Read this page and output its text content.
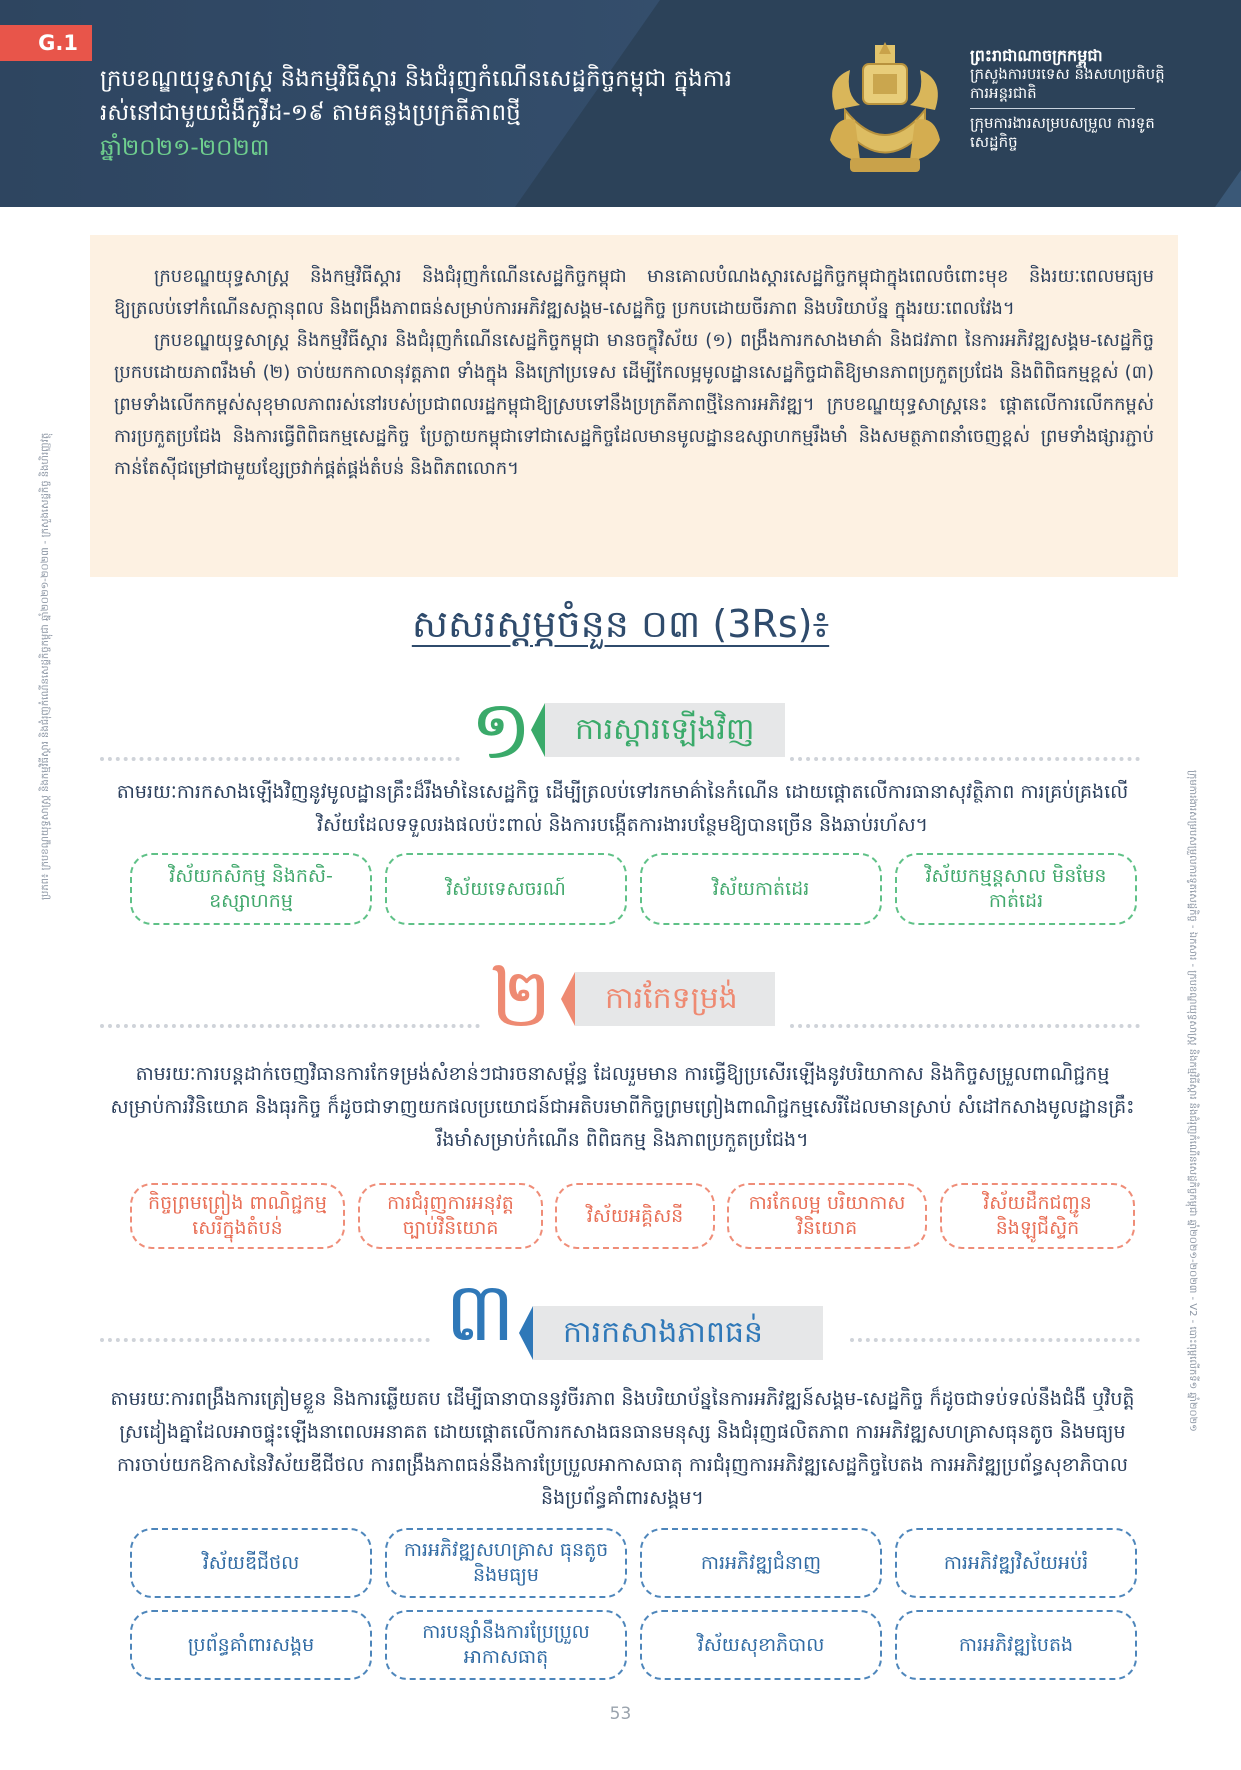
G.1
ក្របខណ្ឌយុទ្ធសាស្ត្រ និងកម្មវិធីស្ដារ និងជំរុញកំណើនសេដ្ឋកិច្ចកម្ពុជា ក្នុងការរស់នៅជាមួយជំងឺកូវីដ-១៩ តាមគន្លងប្រក្រតីភាពថ្មី
ឆ្នាំ២០២១-២០២៣
ព្រះរាជាណាចក្រកម្ពុជា
ក្រសួងការបរទេស និងសហប្រតិបត្តិការអន្តរជាតិ
ក្រុមការងារសម្របសម្រួល ការទូតសេដ្ឋកិច្ច

ក្របខណ្ឌយុទ្ធសាស្ត្រ និងកម្មវិធីស្ដារ និងជំរុញកំណើនសេដ្ឋកិច្ចកម្ពុជា មានគោលបំណងស្ដារសេដ្ឋកិច្ចកម្ពុជាក្នុងពេលចំពោះមុខ និងរយៈពេលមធ្យម ឱ្យត្រលប់ទៅកំណើនសក្ដានុពល និងពង្រឹងភាពធន់សម្រាប់ការអភិវឌ្ឍសង្គម-សេដ្ឋកិច្ច ប្រកបដោយចីរភាព និងបរិយាប័ន្ន ក្នុងរយៈពេលវែង។

ក្របខណ្ឌយុទ្ធសាស្ត្រ និងកម្មវិធីស្ដារ និងជំរុញកំណើនសេដ្ឋកិច្ចកម្ពុជា មានចក្ខុវិស័យ (១) ពង្រឹងការកសាងមាគ៌ា និងជវភាព នៃការអភិវឌ្ឍសង្គម-សេដ្ឋកិច្ច ប្រកបដោយភាពរឹងមាំ (២) ចាប់យកកាលានុវត្តភាព ទាំងក្នុង និងក្រៅប្រទេស ដើម្បីកែលម្អមូលដ្ឋានសេដ្ឋកិច្ចជាតិឱ្យមានភាពប្រកួតប្រជែង និងពិពិធកម្មខ្ពស់ (៣) ព្រមទាំងលើកកម្ពស់សុខុមាលភាពរស់នៅរបស់ប្រជាពលរដ្ឋកម្ពុជាឱ្យស្របទៅនឹងប្រក្រតីភាពថ្មីនៃការអភិវឌ្ឍ។ ក្របខណ្ឌយុទ្ធសាស្ត្រនេះ ផ្ដោតលើការលើកកម្ពស់ការប្រកួតប្រជែង និងការធ្វើពិពិធកម្មសេដ្ឋកិច្ច ប្រែក្លាយកម្ពុជាទៅជាសេដ្ឋកិច្ចដែលមានមូលដ្ឋានឧស្សាហកម្មរឹងមាំ និងសមត្ថភាពនាំចេញខ្ពស់ ព្រមទាំងផ្សារភ្ជាប់កាន់តែស៊ីជម្រៅជាមួយខ្សែច្រវាក់ផ្គត់ផ្គង់តំបន់ និងពិភពលោក។

សសរស្តម្ភចំនួន ០៣ (3Rs)៖
១	ការស្ដារឡើងវិញ
តាមរយៈការកសាងឡើងវិញនូវមូលដ្ឋានគ្រឹះដ៏រឹងមាំនៃសេដ្ឋកិច្ច ដើម្បីត្រលប់ទៅរកមាគ៌ានៃកំណើន ដោយផ្ដោតលើការធានាសុវត្ថិភាព ការគ្រប់គ្រងលើវិស័យដែលទទួលរងផលប៉ះពាល់ និងការបង្កើតការងារបន្ថែមឱ្យបានច្រើន និងឆាប់រហ័ស។
វិស័យកសិកម្ម និងកសិ-ឧស្សាហកម្ម
វិស័យទេសចរណ៍	វិស័យកាត់ដេរ
វិស័យកម្មន្តសាល មិនមែនកាត់ដេរ
២	ការកែទម្រង់
តាមរយៈការបន្តដាក់ចេញវិធានការកែទម្រង់សំខាន់ៗជារចនាសម្ព័ន្ធ ដែលរួមមាន ការធ្វើឱ្យប្រសើរឡើងនូវបរិយាកាស និងកិច្ចសម្រួលពាណិជ្ជកម្មសម្រាប់ការវិនិយោគ និងធុរកិច្ច ក៏ដូចជាទាញយកផលប្រយោជន៍ជាអតិបរមាពីកិច្ចព្រមព្រៀងពាណិជ្ជកម្មសេរីដែលមានស្រាប់ សំដៅកសាងមូលដ្ឋានគ្រឹះរឹងមាំសម្រាប់កំណើន ពិពិធកម្ម និងភាពប្រកួតប្រជែង។
កិច្ចព្រមព្រៀង ពាណិជ្ជកម្មសេរីក្នុងតំបន់
ការជំរុញការអនុវត្ត ច្បាប់វិនិយោគ
វិស័យអគ្គិសនី
ការកែលម្អ បរិយាកាសវិនិយោគ
វិស័យដឹកជញ្ជូន និងឡូជីស្ទិក
៣	ការកសាងភាពធន់
តាមរយៈការពង្រឹងការត្រៀមខ្លួន និងការឆ្លើយតប ដើម្បីធានាបាននូវចីរភាព និងបរិយាប័ន្ននៃការអភិវឌ្ឍន៍សង្គម-សេដ្ឋកិច្ច ក៏ដូចជាទប់ទល់នឹងជំងឺ ឬវិបត្តិស្រដៀងគ្នាដែលអាចផ្ទុះឡើងនាពេលអនាគត ដោយផ្ដោតលើការកសាងធនធានមនុស្ស និងជំរុញផលិតភាព ការអភិវឌ្ឍសហគ្រាសធុនតូច និងមធ្យម ការចាប់យកឱកាសនៃវិស័យឌីជីថល ការពង្រឹងភាពធន់នឹងការប្រែប្រួលអាកាសធាតុ ការជំរុញការអភិវឌ្ឍសេដ្ឋកិច្ចបៃតង ការអភិវឌ្ឍប្រព័ន្ធសុខាភិបាល និងប្រព័ន្ធគាំពារសង្គម។
វិស័យឌីជីថល
ការអភិវឌ្ឍសហគ្រាស ធុនតូច និងមធ្យម
ការអភិវឌ្ឍជំនាញ	ការអភិវឌ្ឍវិស័យអប់រំ
ប្រព័ន្ធគាំពារសង្គម
ការបន្សាំនឹងការប្រែប្រួល អាកាសធាតុ
វិស័យសុខាភិបាល	ការអភិវឌ្ឍបៃតង
ប្រភព៖ ក្របខណ្ឌយុទ្ធសាស្ត្រ និងកម្មវិធីស្ដារ និងជំរុញកំណើនសេដ្ឋកិច្ចកម្ពុជា ឆ្នាំ២០២១-២០២៣ - ក្រសួងសេដ្ឋកិច្ច និងហិរញ្ញវត្ថុ
ក្រុមការងារសម្របសម្រួលការទូតសេដ្ឋកិច្ច - ឯកសារ - ក្របខណ្ឌយុទ្ធសាស្ត្រ និងកម្មវិធីស្ដារ និងជំរុញកំណើនសេដ្ឋកិច្ចកម្ពុជា ឆ្នាំ២០២១-២០២៣ - V2 - បោះពុម្ពលើកទី១ ឆ្នាំ២០២១
53
